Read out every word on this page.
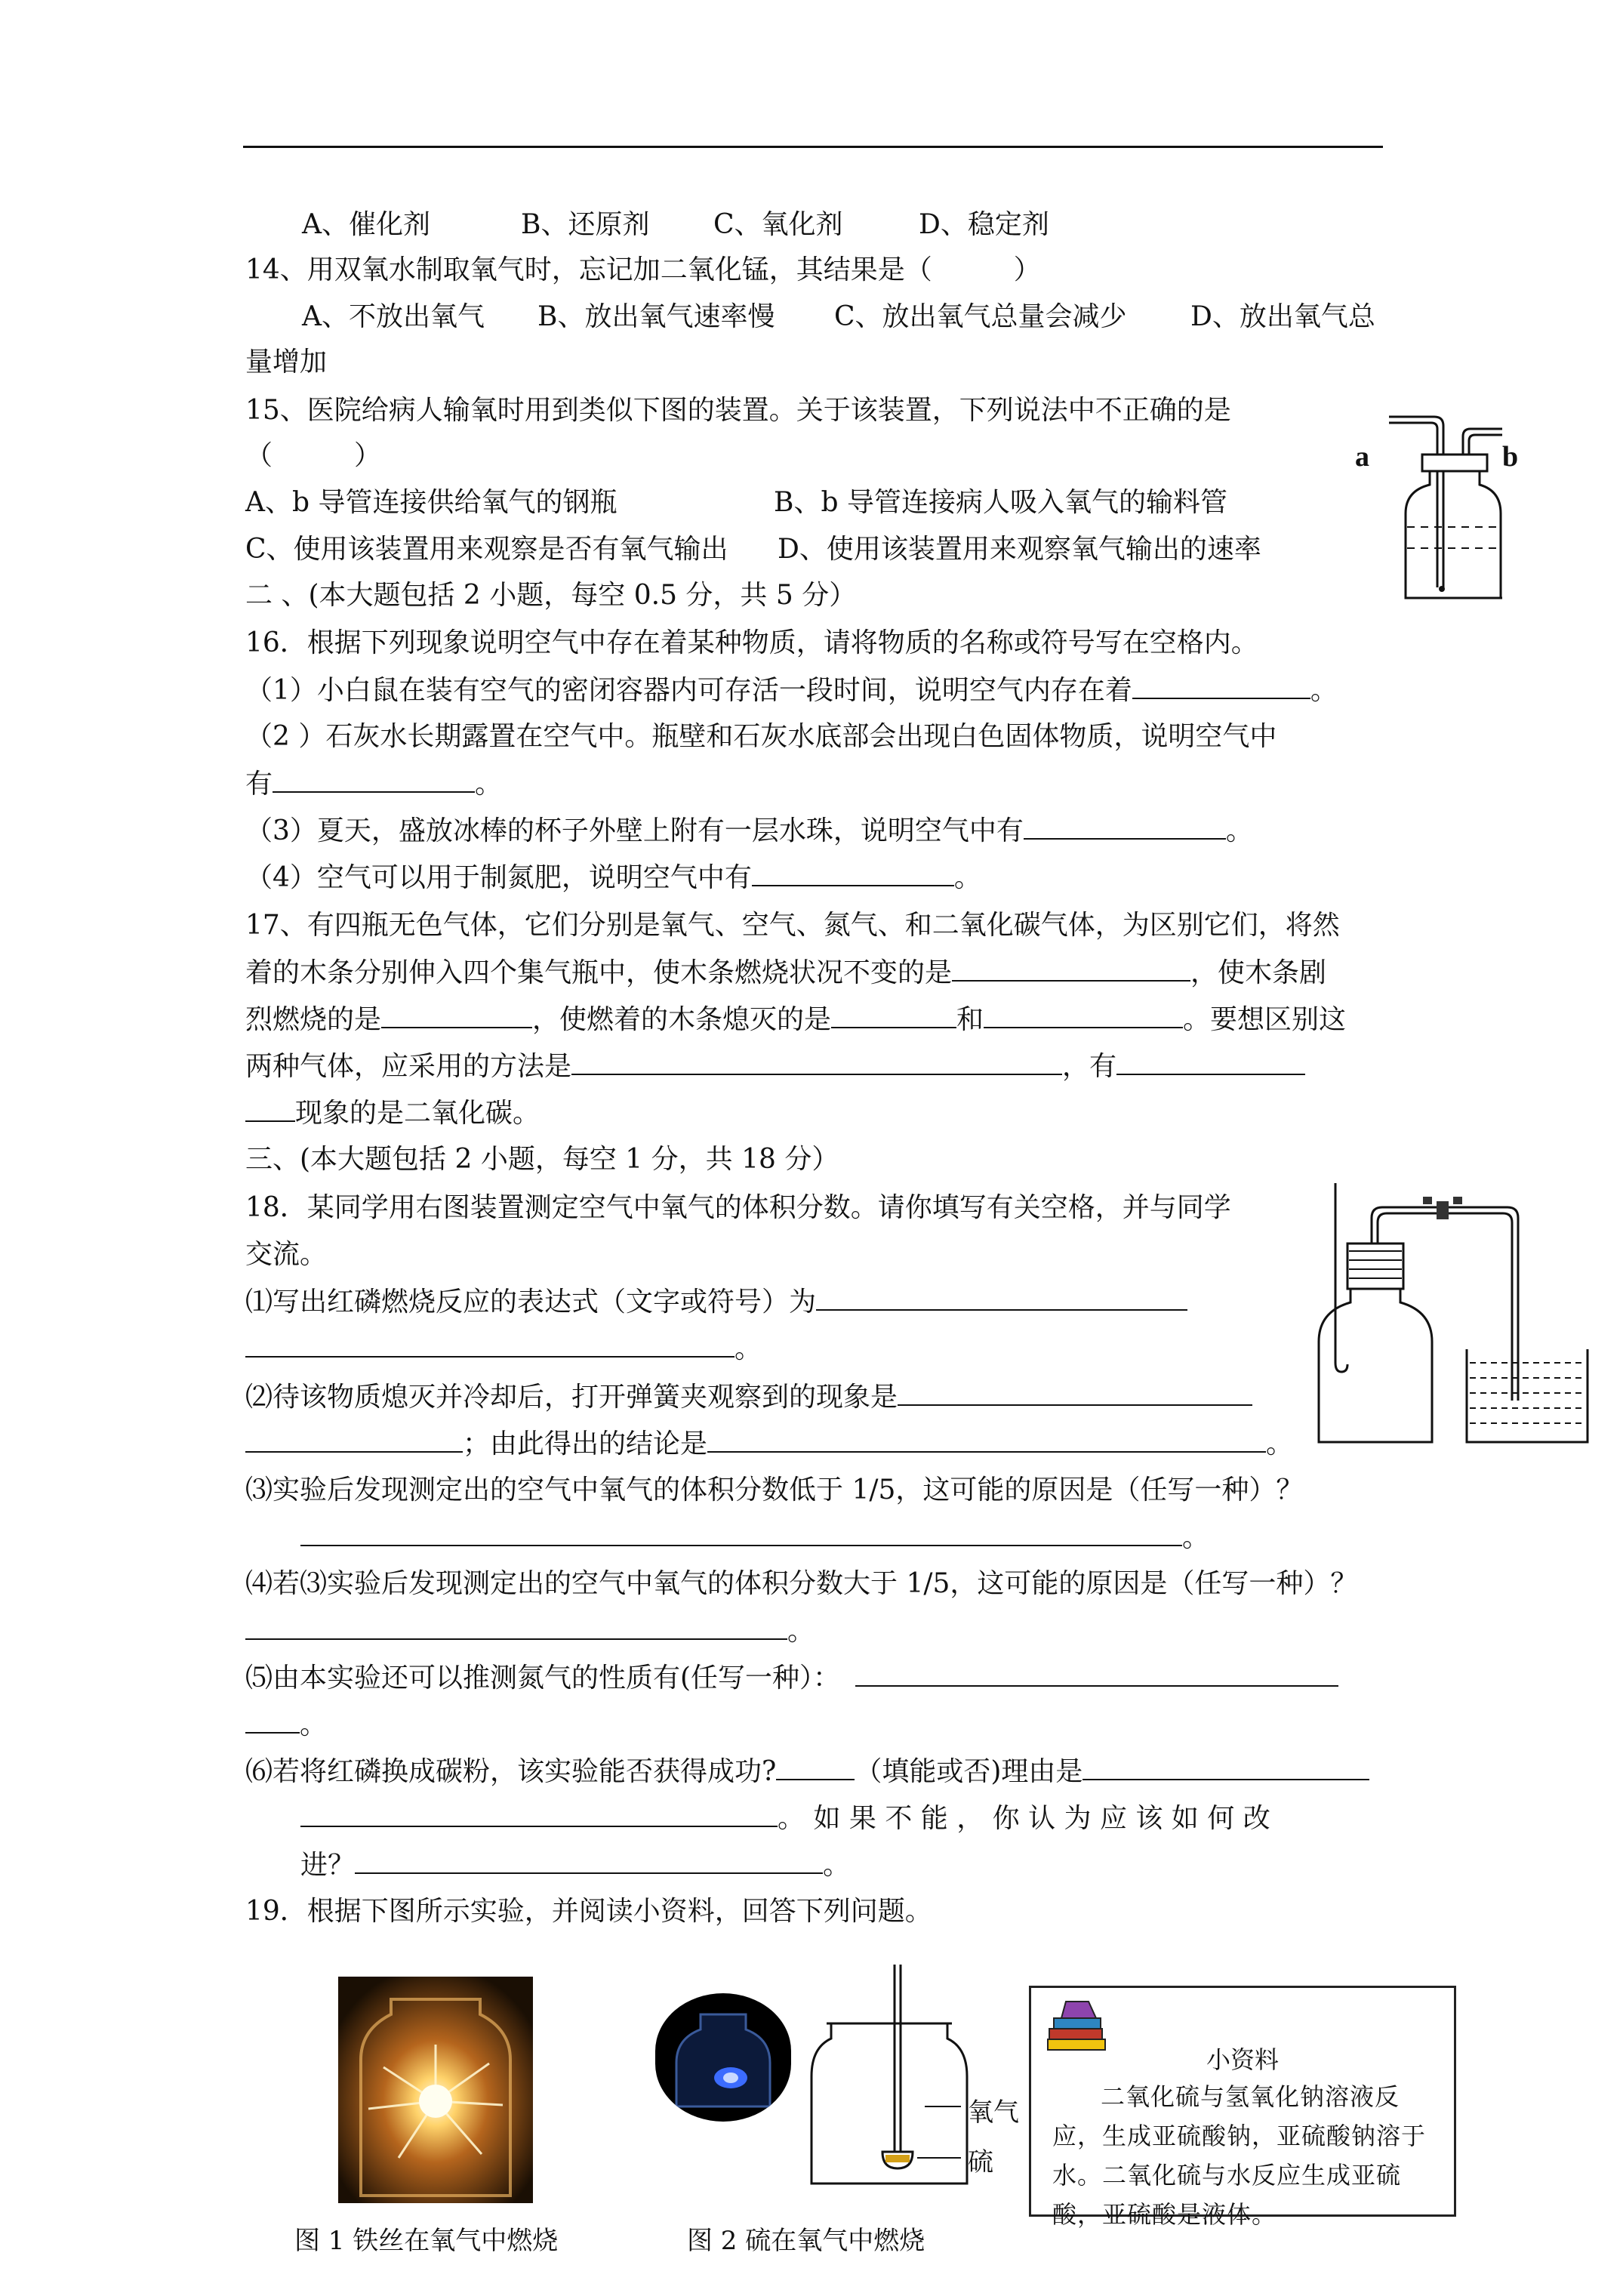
A、催化剂	B、还原剂 C、氧化剂	D、稳定剂
14、用双氧水制取氧气时，忘记加二氧化锰，其结果是（　　　）
A、不放出氧气 B、放出氧气速率慢 C、放出氧气总量会减少 D、放出氧气总
量增加
15、医院给病人输氧时用到类似下图的装置。关于该装置，下列说法中不正确的是
（　　　）
A、b 导管连接供给氧气的钢瓶	B、b 导管连接病人吸入氧气的输料管
C、使用该装置用来观察是否有氧气输出 D、使用该装置用来观察氧气输出的速率
a	b
二 、(本大题包括 2 小题，每空 0.5 分，共 5 分）
16．根据下列现象说明空气中存在着某种物质，请将物质的名称或符号写在空格内。
（1）小白鼠在装有空气的密闭容器内可存活一段时间，说明空气内存在着	。
（2 ）石灰水长期露置在空气中。瓶壁和石灰水底部会出现白色固体物质，说明空气中
有	。
（3）夏天，盛放冰棒的杯子外壁上附有一层水珠，说明空气中有	。
（4）空气可以用于制氮肥，说明空气中有	。
17、有四瓶无色气体，它们分别是氧气、空气、氮气、和二氧化碳气体，为区别它们，将然
着的木条分别伸入四个集气瓶中，使木条燃烧状况不变的是	，使木条剧
烈燃烧的是	，使燃着的木条熄灭的是	和	。要想区别这
两种气体，应采用的方法是	，有
现象的是二氧化碳。
三、(本大题包括 2 小题，每空 1 分，共 18 分）
18．某同学用右图装置测定空气中氧气的体积分数。请你填写有关空格，并与同学
交流。
⑴写出红磷燃烧反应的表达式（文字或符号）为
。
⑵待该物质熄灭并冷却后，打开弹簧夹观察到的现象是
；由此得出的结论是	。
⑶实验后发现测定出的空气中氧气的体积分数低于 1/5，这可能的原因是（任写一种）？
。
⑷若⑶实验后发现测定出的空气中氧气的体积分数大于 1/5，这可能的原因是（任写一种）？
。
⑸由本实验还可以推测氮气的性质有(任写一种）：
。
⑹若将红磷换成碳粉，该实验能否获得成功?	（填能或否)理由是
。 如 果 不 能 ， 你 认 为 应 该 如 何 改
进？	。
19．根据下图所示实验，并阅读小资料，回答下列问题。
图 1 铁丝在氧气中燃烧
氧气
硫
图 2 硫在氧气中燃烧
小资料
二氧化硫与氢氧化钠溶液反应，生成亚硫酸钠，亚硫酸钠溶于水。二氧化硫与水反应生成亚硫酸，亚硫酸是液体。
